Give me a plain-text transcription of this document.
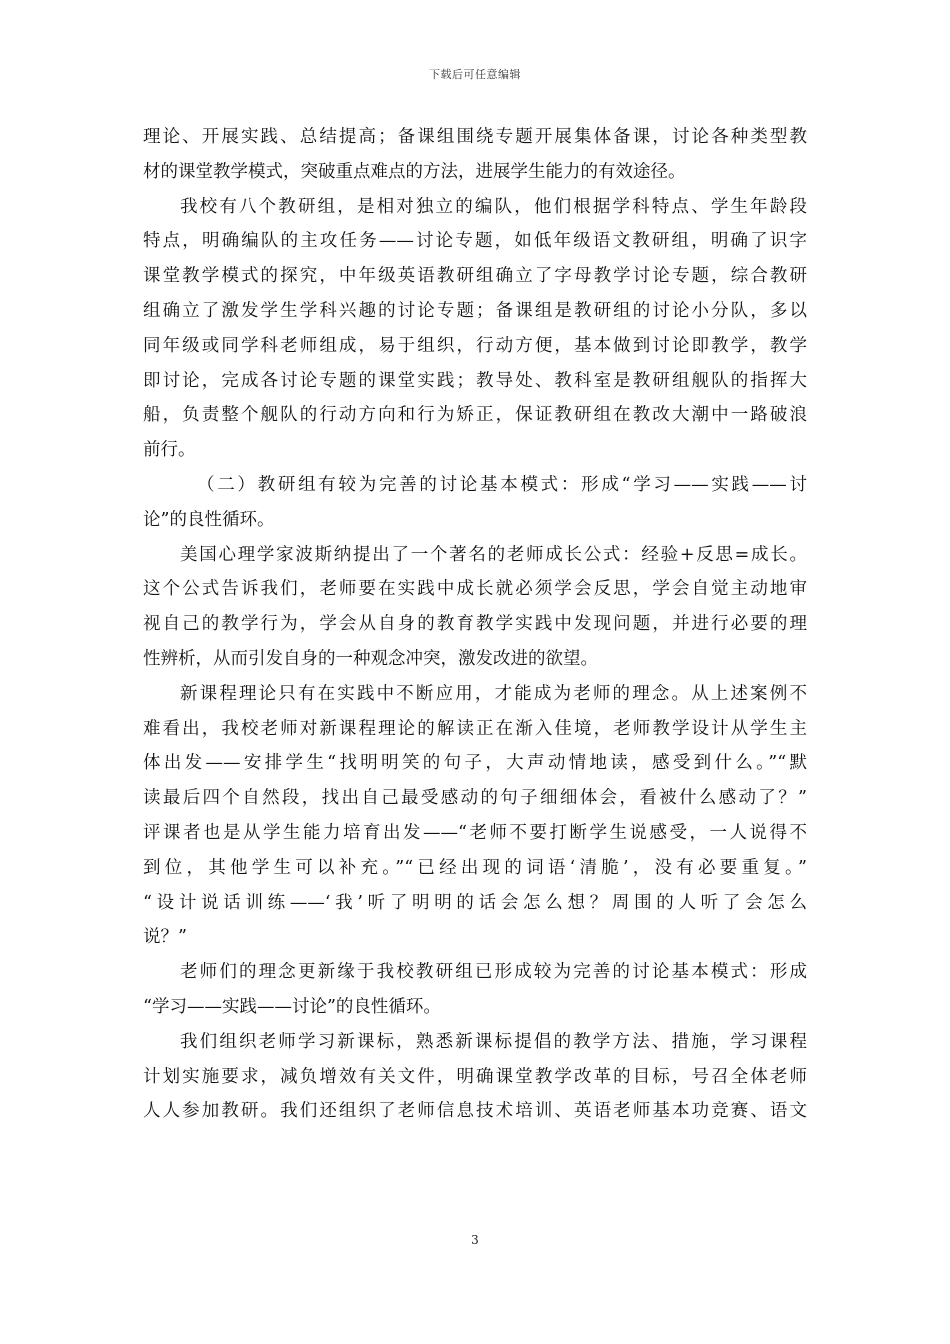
下载后可任意编辑
理论、开展实践、总结提高；备课组围绕专题开展集体备课，讨论各种类型教
材的课堂教学模式，突破重点难点的方法，进展学生能力的有效途径。
我校有八个教研组，是相对独立的编队，他们根据学科特点、学生年龄段
特点，明确编队的主攻任务——讨论专题，如低年级语文教研组，明确了识字
课堂教学模式的探究，中年级英语教研组确立了字母教学讨论专题，综合教研
组确立了激发学生学科兴趣的讨论专题；备课组是教研组的讨论小分队，多以
同年级或同学科老师组成，易于组织，行动方便，基本做到讨论即教学，教学
即讨论，完成各讨论专题的课堂实践；教导处、教科室是教研组舰队的指挥大
船，负责整个舰队的行动方向和行为矫正，保证教研组在教改大潮中一路破浪
前行。
（二）教研组有较为完善的讨论基本模式：形成“学习——实践——讨
论”的良性循环。
美国心理学家波斯纳提出了一个著名的老师成长公式：经验+反思=成长。
这个公式告诉我们，老师要在实践中成长就必须学会反思，学会自觉主动地审
视自己的教学行为，学会从自身的教育教学实践中发现问题，并进行必要的理
性辨析，从而引发自身的一种观念冲突，激发改进的欲望。
新课程理论只有在实践中不断应用，才能成为老师的理念。从上述案例不
难看出，我校老师对新课程理论的解读正在渐入佳境，老师教学设计从学生主
体出发——安排学生“找明明笑的句子，大声动情地读，感受到什么。”“默
读最后四个自然段，找出自己最受感动的句子细细体会，看被什么感动了？”
评课者也是从学生能力培育出发——“老师不要打断学生说感受，一人说得不
到位，其他学生可以补充。”“已经出现的词语‘清脆’，没有必要重复。”
“设计说话训练——‘我’听了明明的话会怎么想？周围的人听了会怎么
说？”
老师们的理念更新缘于我校教研组已形成较为完善的讨论基本模式：形成
“学习——实践——讨论”的良性循环。
我们组织老师学习新课标，熟悉新课标提倡的教学方法、措施，学习课程
计划实施要求，减负增效有关文件，明确课堂教学改革的目标，号召全体老师
人人参加教研。我们还组织了老师信息技术培训、英语老师基本功竞赛、语文
3
